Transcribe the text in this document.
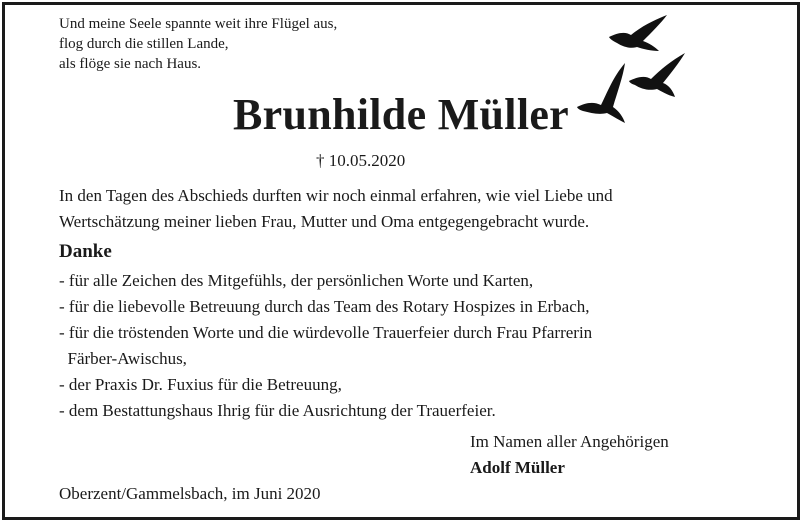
Und meine Seele spannte weit ihre Flügel aus,
flog durch die stillen Lande,
als flöge sie nach Haus.
Brunhilde Müller
† 10.05.2020
In den Tagen des Abschieds durften wir noch einmal erfahren, wie viel Liebe und
Wertschätzung meiner lieben Frau, Mutter und Oma entgegengebracht wurde.
Danke
- für alle Zeichen des Mitgefühls, der persönlichen Worte und Karten,
- für die liebevolle Betreuung durch das Team des Rotary Hospizes in Erbach,
- für die tröstenden Worte und die würdevolle Trauerfeier durch Frau Pfarrerin
Färber-Awischus,
- der Praxis Dr. Fuxius für die Betreuung,
- dem Bestattungshaus Ihrig für die Ausrichtung der Trauerfeier.
Im Namen aller Angehörigen
Adolf Müller
Oberzent/Gammelsbach, im Juni 2020
